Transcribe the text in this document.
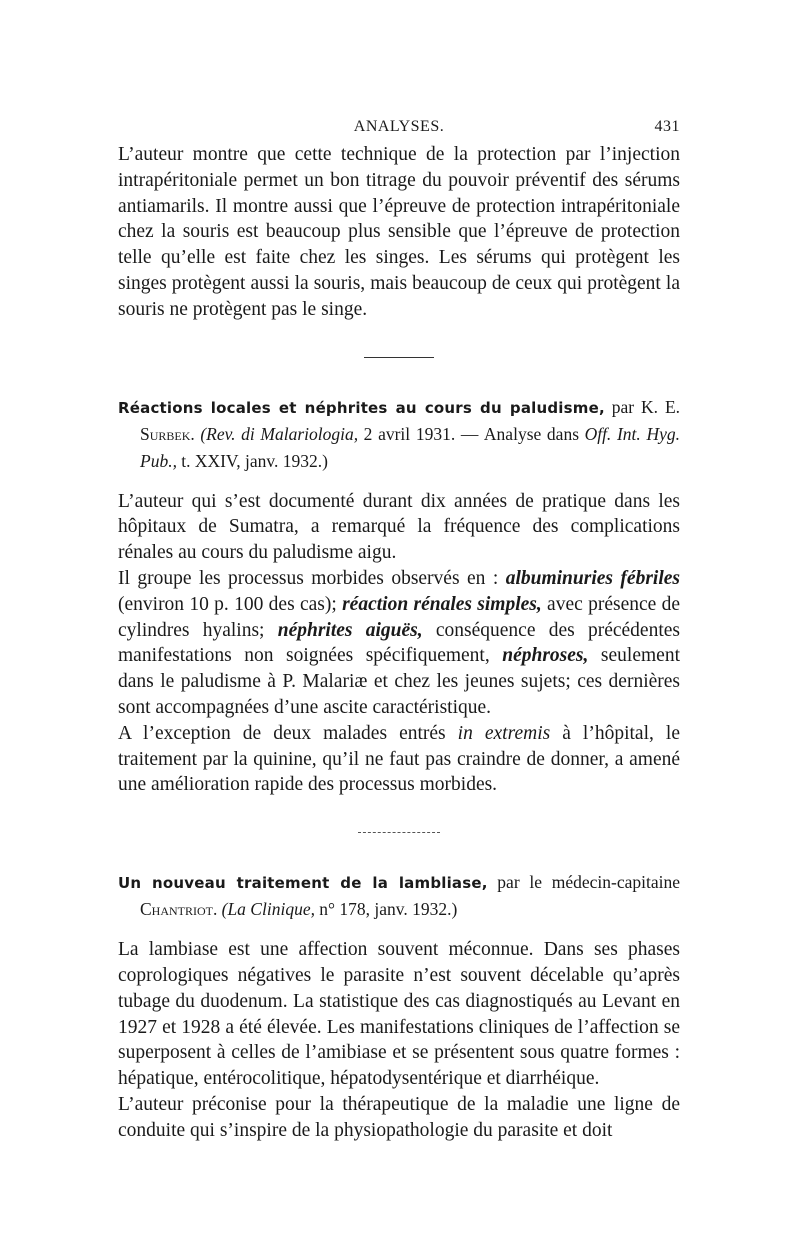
ANALYSES.	431

L’auteur montre que cette technique de la protection par l’injection intrapéritoniale permet un bon titrage du pouvoir préventif des sérums antiamarils. Il montre aussi que l’épreuve de protection intrapéritoniale chez la souris est beaucoup plus sensible que l’épreuve de protection telle qu’elle est faite chez les singes. Les sérums qui protègent les singes protègent aussi la souris, mais beaucoup de ceux qui protègent la souris ne protègent pas le singe.

Réactions locales et néphrites au cours du paludisme, par K. E. Surbek. (Rev. di Malariologia, 2 avril 1931. — Analyse dans Off. Int. Hyg. Pub., t. XXIV, janv. 1932.)

L’auteur qui s’est documenté durant dix années de pratique dans les hôpitaux de Sumatra, a remarqué la fréquence des complications rénales au cours du paludisme aigu.

Il groupe les processus morbides observés en : albuminuries fébriles (environ 10 p. 100 des cas); réaction rénales simples, avec présence de cylindres hyalins; néphrites aiguës, conséquence des précédentes manifestations non soignées spécifiquement, néphroses, seulement dans le paludisme à P. Malariæ et chez les jeunes sujets; ces dernières sont accompagnées d’une ascite caractéristique.

A l’exception de deux malades entrés in extremis à l’hôpital, le traitement par la quinine, qu’il ne faut pas craindre de donner, a amené une amélioration rapide des processus morbides.

Un nouveau traitement de la lambliase, par le médecin-capitaine Chantriot. (La Clinique, n° 178, janv. 1932.)

La lambiase est une affection souvent méconnue. Dans ses phases coprologiques négatives le parasite n’est souvent décelable qu’après tubage du duodenum. La statistique des cas diagnostiqués au Levant en 1927 et 1928 a été élevée. Les manifestations cliniques de l’affection se superposent à celles de l’amibiase et se présentent sous quatre formes : hépatique, entérocolitique, hépatodysentérique et diarrhéique.

L’auteur préconise pour la thérapeutique de la maladie une ligne de conduite qui s’inspire de la physiopathologie du parasite et doit
